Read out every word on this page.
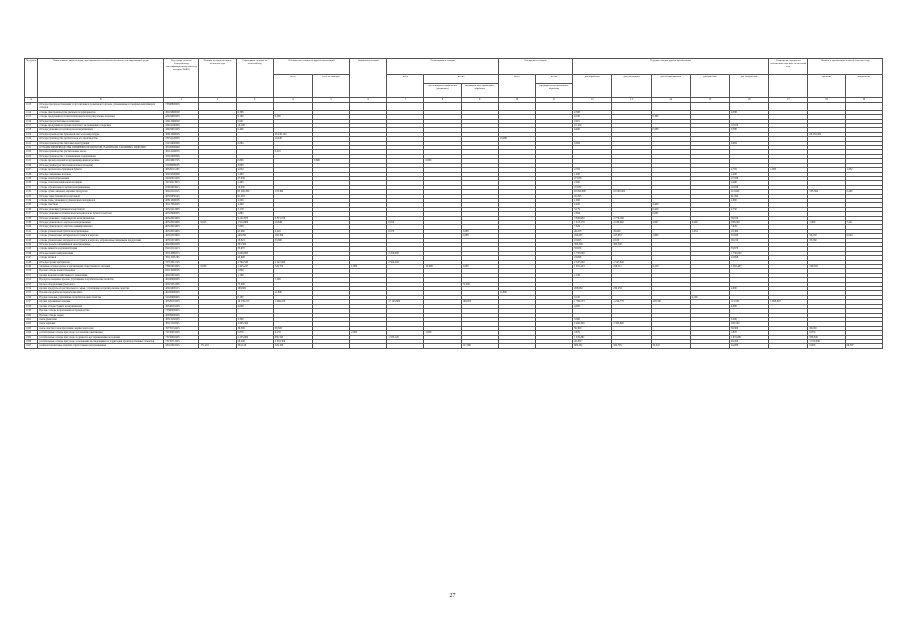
№ строки	Наименование видов отходов, агрегированных по классам опасности для окружающей среды	Код отхода согласно Федеральному классификационному каталогу отходов (ФККО)	Наличие отходов на начало отчетного года	Образование отходов за отчетный год	Поступление отходов из других организаций		Обработано отходов	Утилизировано отходов			Обезврежено отходов		Передача отходов другим организациям					Размещение отходов на собственных объектах за отчетный год	Наличие в организации на конец отчетного года	
					всего	в т.ч. по импорту		всего	из них		всего	из них	для обработки	для утилизации	для обезвреживания	для хранения	для захоронения		хранение	захоронение
									для повторного применения (рециклинг)	предварительно прошедших обработку		предварительно прошедших обработку								
А	Б	1	2	3	4	5	6	7	8	9	10	11	12	13	14	15	16	17	18	19
1113	Отходы при предоставлении услуг питания в розничной торговле, упакованные в товарных контейнерах отходов	73398800005																		
1114	отходы при производстве рыбных полуфабрикатов	30119800000		0,388									0,388				0,388			
1115	отходы продукции из полиэтилентерефталата (ритуальные изделия)	43419902205		0,190	0,190								0,190		0,190					
1116	Отходы при распиловке и шлифовке	43411000000		0,001									0,001							
1117	отходы продукции из прочих пластмасс не вошедшие в перечень	43419190295		10,100									10,100				10,100			
1118	Отходы упаковки из целлюлозы незагрязненные	43419901205		0,400									0,400		0,380		0,380			
1119	Отходы производства бумажной массы из макулатуры	30611900005			26 230,120														26 230,000	
1120	Отходы производства целлюлозы в его производстве	33252120005			10,440						10,080									
1121	Отходы производства гипсовых конструкций	31231000000		0,084									0,084				0,084			
1122	ОТХОДЫ ПРОИЗВОДСТВА ПИЩЕВЫХ ПРОДУКТОВ, НАПИТКОВ, ТАБАЧНЫХ ИЗДЕЛИЙ	30100000000																		
1123	Отходы производства растительных масел	30114100005			0,210															
1124	Отходы производства с пониженным содержанием	35310000005																		
1125	отходы прочих изделий из вулканизированной резины	43119991725		0,800		0,800			0,800											
1126	Отходы резины (растительная вспомогательная)	31108000005		3,000																
1127	отходы целлюлозно-бумажной бумаги	40529111205		4,034									2,702				2,702	1,000		1,332
1128	Отходы смешанные волокон	30219300000		1,400									1,400				1,400			
1129	отходы стеклообразования	34160001205		27,936									27,936				27,936			
1130	отходы стеклоизоляционной изоляции	34150213915		2,490									2,490				2,490			
1131	отходы строительного щебня незагрязненные	81910003215		10,630									10,630				10,630			
1132	отходы сухих, вяленых, вареных продуктов	30210118125		63 290,300	133,364								63 292,900	61 000,000			112,900		133,364	0,400
1133	Отходы тары бумажной и картонной	40519630125		91,293									91,293				91,293			
1134	отходы тары, упаковки и упаковочных материалов	40811000005		1,000									1,000				1,000			
1135	отходы текстиля	30117002205		2,400									2,400		2,400					
1136	Отходы упаковки бумажной и картонной	40521212605		3,179									3,179		0,429		2,750			
1137	Отходы упаковки и упаковочных материалов из бумаги и картона	40518000005		2,884									2,884		0,881					
1138	Отходы упаковки с гофрокартона незагрязненные	40518401605		9,122,870	2 815,100								3 836,930	2 776,168			39,910			
1139	Отходы упаковочного картона незагрязненные	40518301605	9,815	1 914,866	10,649			0,192					1 913,178	4 180,062	4,997	8,400	180,000		1,800	7,421
1140	Отходы упаковочного картона ламинированного	40518401605		7,829									7,829				7,829			
1141	отходы упаковочной бумаги незагрязненные	40518201605		61,990	0,226			0,078		1,088			49,223	32,820		1,034	18,366			
1142	отходы упаковочных материалов из бумаги и картона	40591301605		449,292	182,390					2,088			450,607	417,681	1,890		35,936		59,130	0,540
1143	отходы упаковочных материалов из бумаги и картона, загрязненные пищевыми продуктами	40591301605		18,823	33,360								18,823	0,613			18,210		33,360	
1144	Отходы фольги алюминиевой незагрязненные	46220002205		393,300									393,300	393,300						
1145	отходы цемента в кусковой форме	82210101215		33,970									33,970				33,970			
1146	Отходы шлама нейтрализации	30114080215		4 000,000				2 250,000					1 750,000				1 750,000			
1147	отходы шлаков	30111001205		24,698									24,698				24,698			
1148	Отходы прочих материалов	73713011725		2 564,540	2 547,000			2 564,500					2 547,040	2 547,040						
1149	пищевые отходы кухонь и организаций общественного питания	73610001305	0,000	1 425,247	729,372		1,000		10,908	1,000			1 931,423	258,311	6,228		1 362,487		169,302	
1150	Прочие отходы полиэтиленовые	82113000005		1,800																
1151	прочие изделия хозяйственного назначения	46210001205		1,199									1,199							
1152	Продукты пищевые прочие, утратившие потребительские свойства	40160000005			7,500															
1153	прочее оборудование (бытовое)	30119351305		72,000						72,000										
1154	прочие продукты из растительного сырья, утратившие потребительские свойства	40419000115		268,682									268,682	232,259			2,600			
1155	Прочие продукты из переработки мяса	40160000005			11,890						11,890									
1156	Прочие изделия, утратившие потребительские свойства	52100000005		0,100									0,100			0,100				
1157	прочие деревянные изделия	30529191205		19 139,213	1 969,220			17 143,600		199,000			1 796,533	1 224,778	418,330		113,563	1 968,820		
1158	прочие отходы бумаги незагрязненной	40540181205		4,000									4,000				4,000			
1159	Прочие отходы потребления на производстве	73390000005																		
1160	Прочие отходы сырья	40639000005																		
1161	пыль древесная	30313182205		3,300									3,300				3,300			
1162	пыль зерновая	30115118325		2 605,300									2 466,300	2 365,800			100,500			
1163	пыль очистки газов при плавке черных металлов	35735132425		39,300	39,300								39,300				39,300		30,000	
1164	растительные отходы при уходе за газонами, цветниками	73130001205		0,870	0,270		2,000		1,000				0,870				1,870		0,870	
1165	растительные отходы при уходе за древесно-кустарниковыми посадками	73130002205		2 255,000	659,345			1 335,120					1 919,881				1 919,881		659,845	
1166	растительные отходы при уходе за зелеными насаждениями на территории производственных объектов	73130712205		26,200	1 010,300								26,200				26,200		1 010,300	
1167	резиноантрацитовые изделия отработанные незагрязненные	43110001525	171,291	334,126	129,160					117,000			660,261	562,795	33,322		44,086		0,000	69,397
27
